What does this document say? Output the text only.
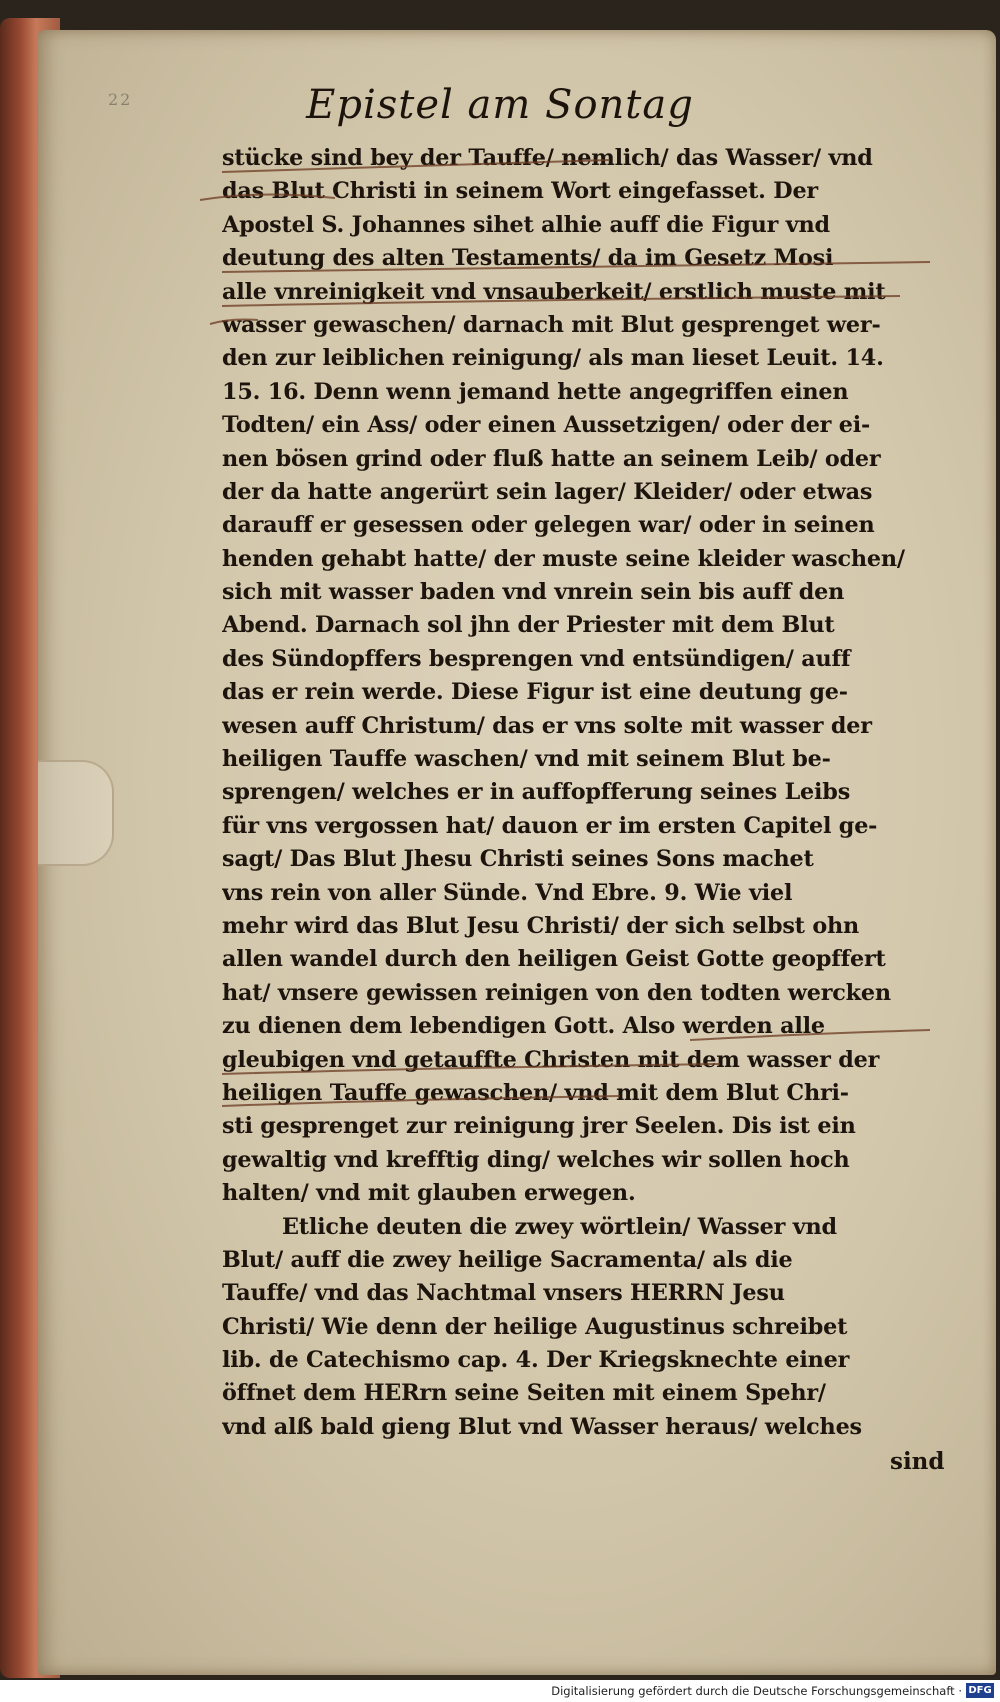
22	Epistel am Sontag
stücke sind bey der Tauffe/ nemlich/ das Wasser/ vnd
das Blut Christi in seinem Wort eingefasset. Der
Apostel S. Johannes sihet alhie auff die Figur vnd
deutung des alten Testaments/ da im Gesetz Mosi
alle vnreinigkeit vnd vnsauberkeit/ erstlich muste mit
wasser gewaschen/ darnach mit Blut gesprenget wer-
den zur leiblichen reinigung/ als man lieset Leuit. 14.
15. 16. Denn wenn jemand hette angegriffen einen
Todten/ ein Ass/ oder einen Aussetzigen/ oder der ei-
nen bösen grind oder fluß hatte an seinem Leib/ oder
der da hatte angerürt sein lager/ Kleider/ oder etwas
darauff er gesessen oder gelegen war/ oder in seinen
henden gehabt hatte/ der muste seine kleider waschen/
sich mit wasser baden vnd vnrein sein bis auff den
Abend. Darnach sol jhn der Priester mit dem Blut
des Sündopffers besprengen vnd entsündigen/ auff
das er rein werde. Diese Figur ist eine deutung ge-
wesen auff Christum/ das er vns solte mit wasser der
heiligen Tauffe waschen/ vnd mit seinem Blut be-
sprengen/ welches er in auffopfferung seines Leibs
für vns vergossen hat/ dauon er im ersten Capitel ge-
sagt/ Das Blut Jhesu Christi seines Sons machet
vns rein von aller Sünde. Vnd Ebre. 9. Wie viel
mehr wird das Blut Jesu Christi/ der sich selbst ohn
allen wandel durch den heiligen Geist Gotte geopffert
hat/ vnsere gewissen reinigen von den todten wercken
zu dienen dem lebendigen Gott. Also werden alle
gleubigen vnd getauffte Christen mit dem wasser der
heiligen Tauffe gewaschen/ vnd mit dem Blut Chri-
sti gesprenget zur reinigung jrer Seelen. Dis ist ein
gewaltig vnd krefftig ding/ welches wir sollen hoch
halten/ vnd mit glauben erwegen.
Etliche deuten die zwey wörtlein/ Wasser vnd
Blut/ auff die zwey heilige Sacramenta/ als die
Tauffe/ vnd das Nachtmal vnsers HERRN Jesu
Christi/ Wie denn der heilige Augustinus schreibet
lib. de Catechismo cap. 4. Der Kriegsknechte einer
öffnet dem HERrn seine Seiten mit einem Spehr/
vnd alß bald gieng Blut vnd Wasser heraus/ welches
sind
Digitalisierung gefördert durch die Deutsche Forschungsgemeinschaft · DFG
